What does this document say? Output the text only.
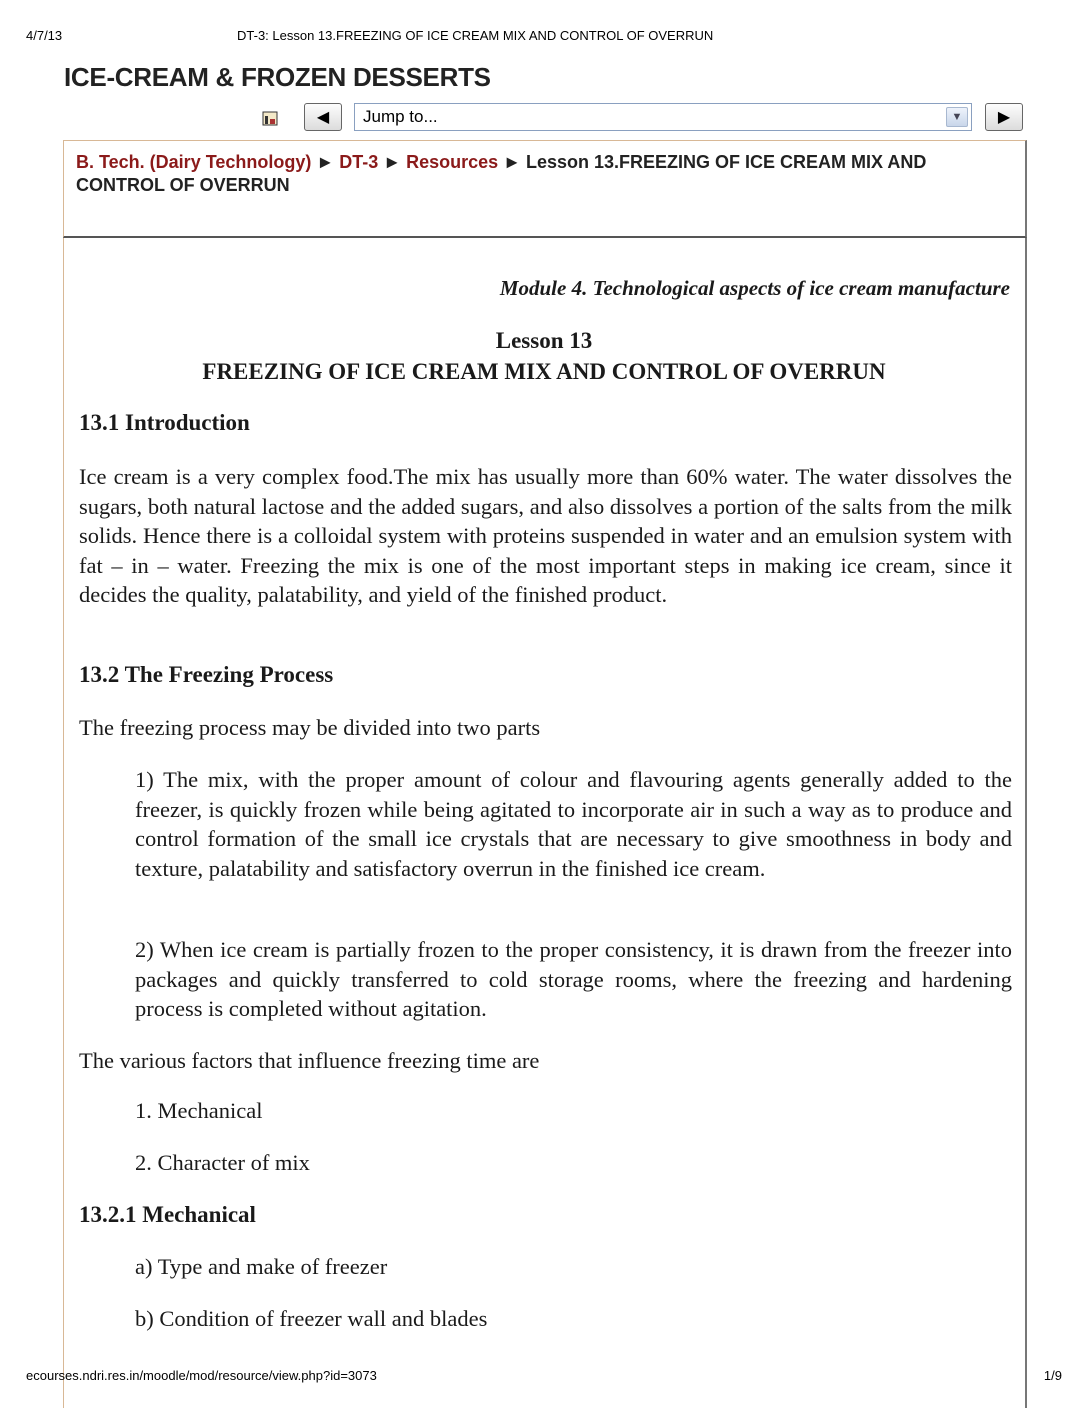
4/7/13	DT-3: Lesson 13.FREEZING OF ICE CREAM MIX AND CONTROL OF OVERRUN
ICE-CREAM & FROZEN DESSERTS
◀	Jump to...	▼	▶
B. Tech. (Dairy Technology) ► DT-3 ► Resources ► Lesson 13.FREEZING OF ICE CREAM MIX AND CONTROL OF OVERRUN
Module 4. Technological aspects of ice cream manufacture
Lesson 13
FREEZING OF ICE CREAM MIX AND CONTROL OF OVERRUN
13.1 Introduction
Ice cream is a very complex food.The mix has usually more than 60% water. The water dissolves the sugars, both natural lactose and the added sugars, and also dissolves a portion of the salts from the milk solids. Hence there is a colloidal system with proteins suspended in water and an emulsion system with fat – in – water. Freezing the mix is one of the most important steps in making ice cream, since it decides the quality, palatability, and yield of the finished product.
13.2 The Freezing Process
The freezing process may be divided into two parts
1) The mix, with the proper amount of colour and flavouring agents generally added to the freezer, is quickly frozen while being agitated to incorporate air in such a way as to produce and control formation of the small ice crystals that are necessary to give smoothness in body and texture, palatability and satisfactory overrun in the finished ice cream.
2) When ice cream is partially frozen to the proper consistency, it is drawn from the freezer into packages and quickly transferred to cold storage rooms, where the freezing and hardening process is completed without agitation.
The various factors that influence freezing time are
1. Mechanical
2. Character of mix
13.2.1 Mechanical
a) Type and make of freezer
b) Condition of freezer wall and blades
ecourses.ndri.res.in/moodle/mod/resource/view.php?id=3073	1/9
